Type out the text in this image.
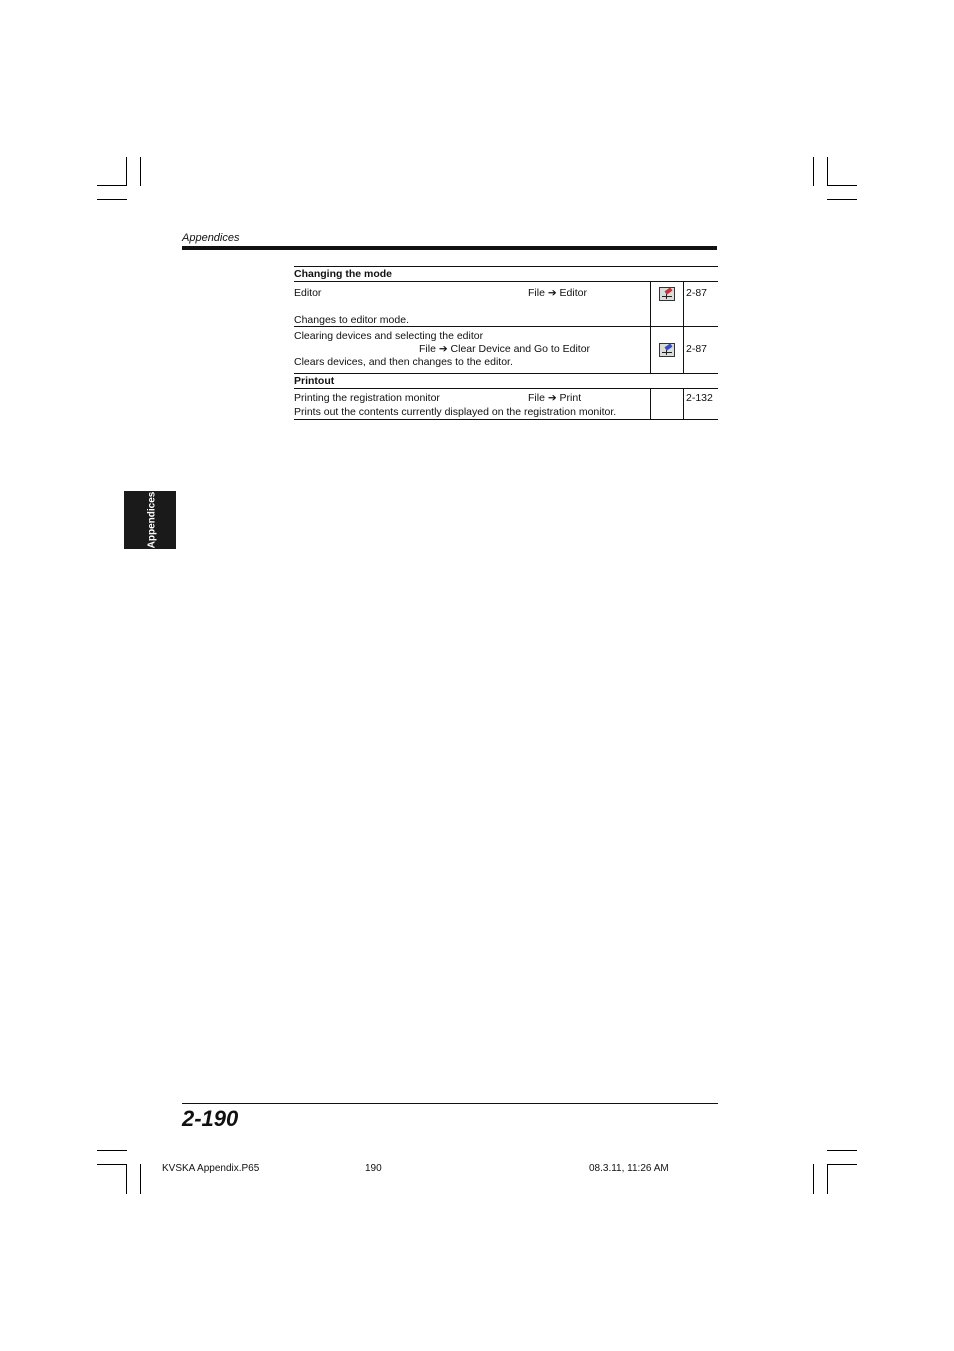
Appendices
Changing the mode
Editor	File ➔ Editor
Changes to editor mode.
2-87
Clearing devices and selecting the editor
File ➔ Clear Device and Go to Editor
Clears devices, and then changes to the editor.
2-87
Printout
Printing the registration monitor	File ➔ Print
Prints out the contents currently displayed on the registration monitor.
2-132
Appendices
2-190
KVSKA Appendix.P65	190	08.3.11, 11:26 AM
